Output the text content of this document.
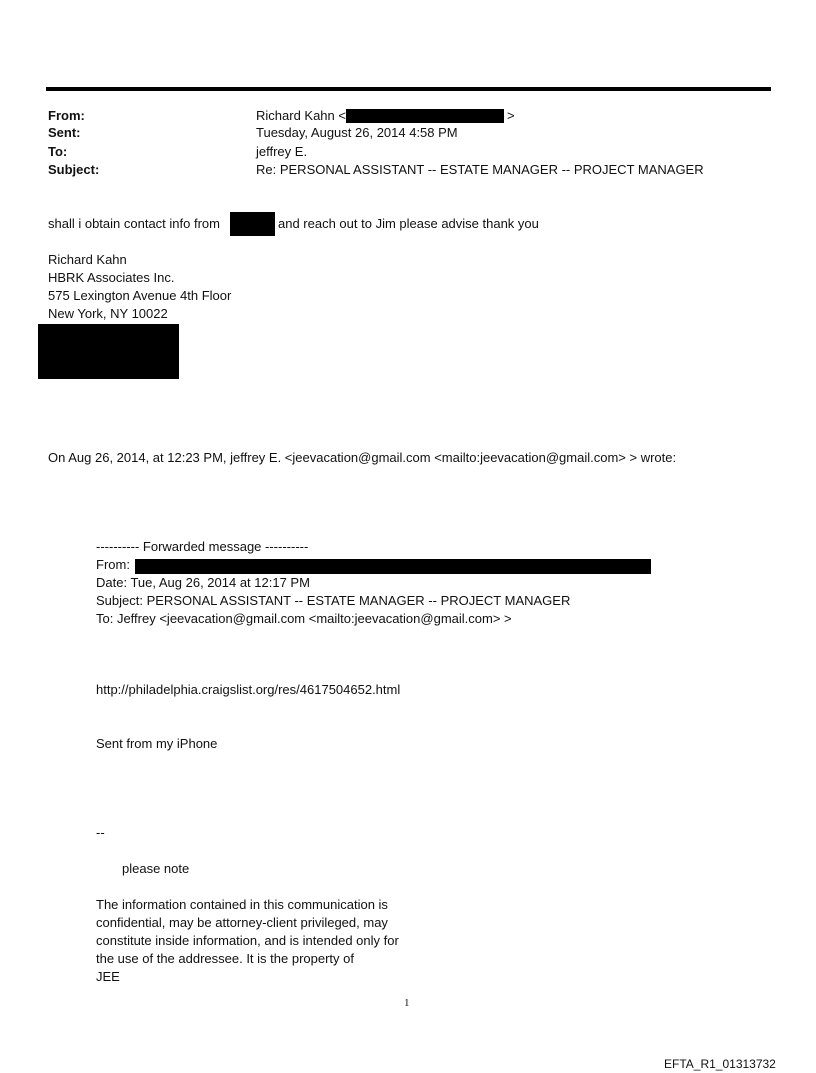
From:	Richard Kahn <	>
Sent:	Tuesday, August 26, 2014 4:58 PM
To:	jeffrey E.
Subject:	Re: PERSONAL ASSISTANT -- ESTATE MANAGER -- PROJECT MANAGER
shall i obtain contact info from	and reach out to Jim please advise thank you
Richard Kahn
HBRK Associates Inc.
575 Lexington Avenue 4th Floor
New York, NY 10022
On Aug 26, 2014, at 12:23 PM, jeffrey E. <jeevacation@gmail.com <mailto:jeevacation@gmail.com> > wrote:
---------- Forwarded message ----------
From:
Date: Tue, Aug 26, 2014 at 12:17 PM
Subject: PERSONAL ASSISTANT -- ESTATE MANAGER -- PROJECT MANAGER
To: Jeffrey <jeevacation@gmail.com <mailto:jeevacation@gmail.com> >
http://philadelphia.craigslist.org/res/4617504652.html
Sent from my iPhone
--
please note
The information contained in this communication is
confidential, may be attorney-client privileged, may
constitute inside information, and is intended only for
the use of the addressee. It is the property of
JEE
1
EFTA_R1_01313732
